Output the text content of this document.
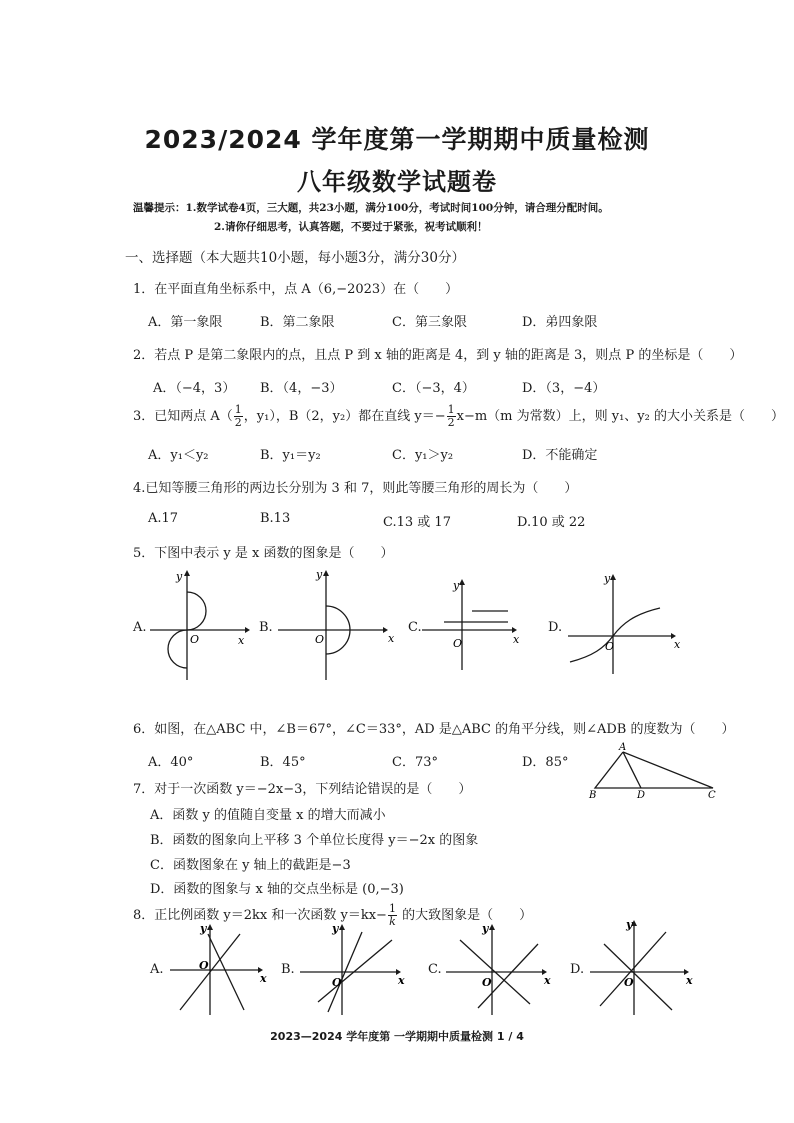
2023/2024 学年度第一学期期中质量检测
八年级数学试题卷
温馨提示：1.数学试卷4页，三大题，共23小题，满分100分，考试时间100分钟，请合理分配时间。
2.请你仔细思考，认真答题，不要过于紧张，祝考试顺利！
一、选择题（本大题共10小题，每小题3分，满分30分）
1．在平面直角坐标系中，点 A（6,−2023）在（　　）
A．第一象限	B．第二象限	C．第三象限	D．弟四象限
2．若点 P 是第二象限内的点，且点 P 到 x 轴的距离是 4，到 y 轴的距离是 3，则点 P 的坐标是（　　）
A．（−4，3） B．（4，−3）	C．（−3，4）	D．（3，−4）
3．已知两点 $A( \frac{1}{2}$ ，y₁），B（2，y₂）都在直线 $y=- \frac{1}{2} x-m(m$ 为常数）上，则 y₁、y₂ 的大小关系是（　　）
A．y₁＜y₂	B．y₁＝y₂	C．y₁＞y₂	D．不能确定
4.已知等腰三角形的两边长分别为 3 和 7，则此等腰三角形的周长为（　　）
A.17	B.13	C.13 或 17	D.10 或 22
5．下图中表示 y 是 x 函数的图象是（　　）
A.
y
x
O
B.
y
x
O
C.
y
x
O
D.
y
x
O
6．如图，在△ABC 中，∠B＝67°，∠C＝33°，AD 是△ABC 的角平分线，则∠ADB 的度数为（　　）
A．40°	B．45°	C．73°	D．85°
A
B	C
D
7．对于一次函数 y＝−2x−3，下列结论错误的是（　　）
A．函数 y 的值随自变量 x 的增大而减小
B．函数的图象向上平移 3 个单位长度得 y＝−2x 的图象
C．函数图象在 y 轴上的截距是−3
D．函数的图象与 x 轴的交点坐标是 (0,−3)
8．正比例函数 y＝2kx 和一次函数 $y=kx- \frac{1}{k}$ 的大致图象是（　　）
A.
y
x
O	B.
y
x
O
C.
y
x
O
D.
y
x
O
2023—2024 学年度第 一学期期中质量检测 1 / 4
